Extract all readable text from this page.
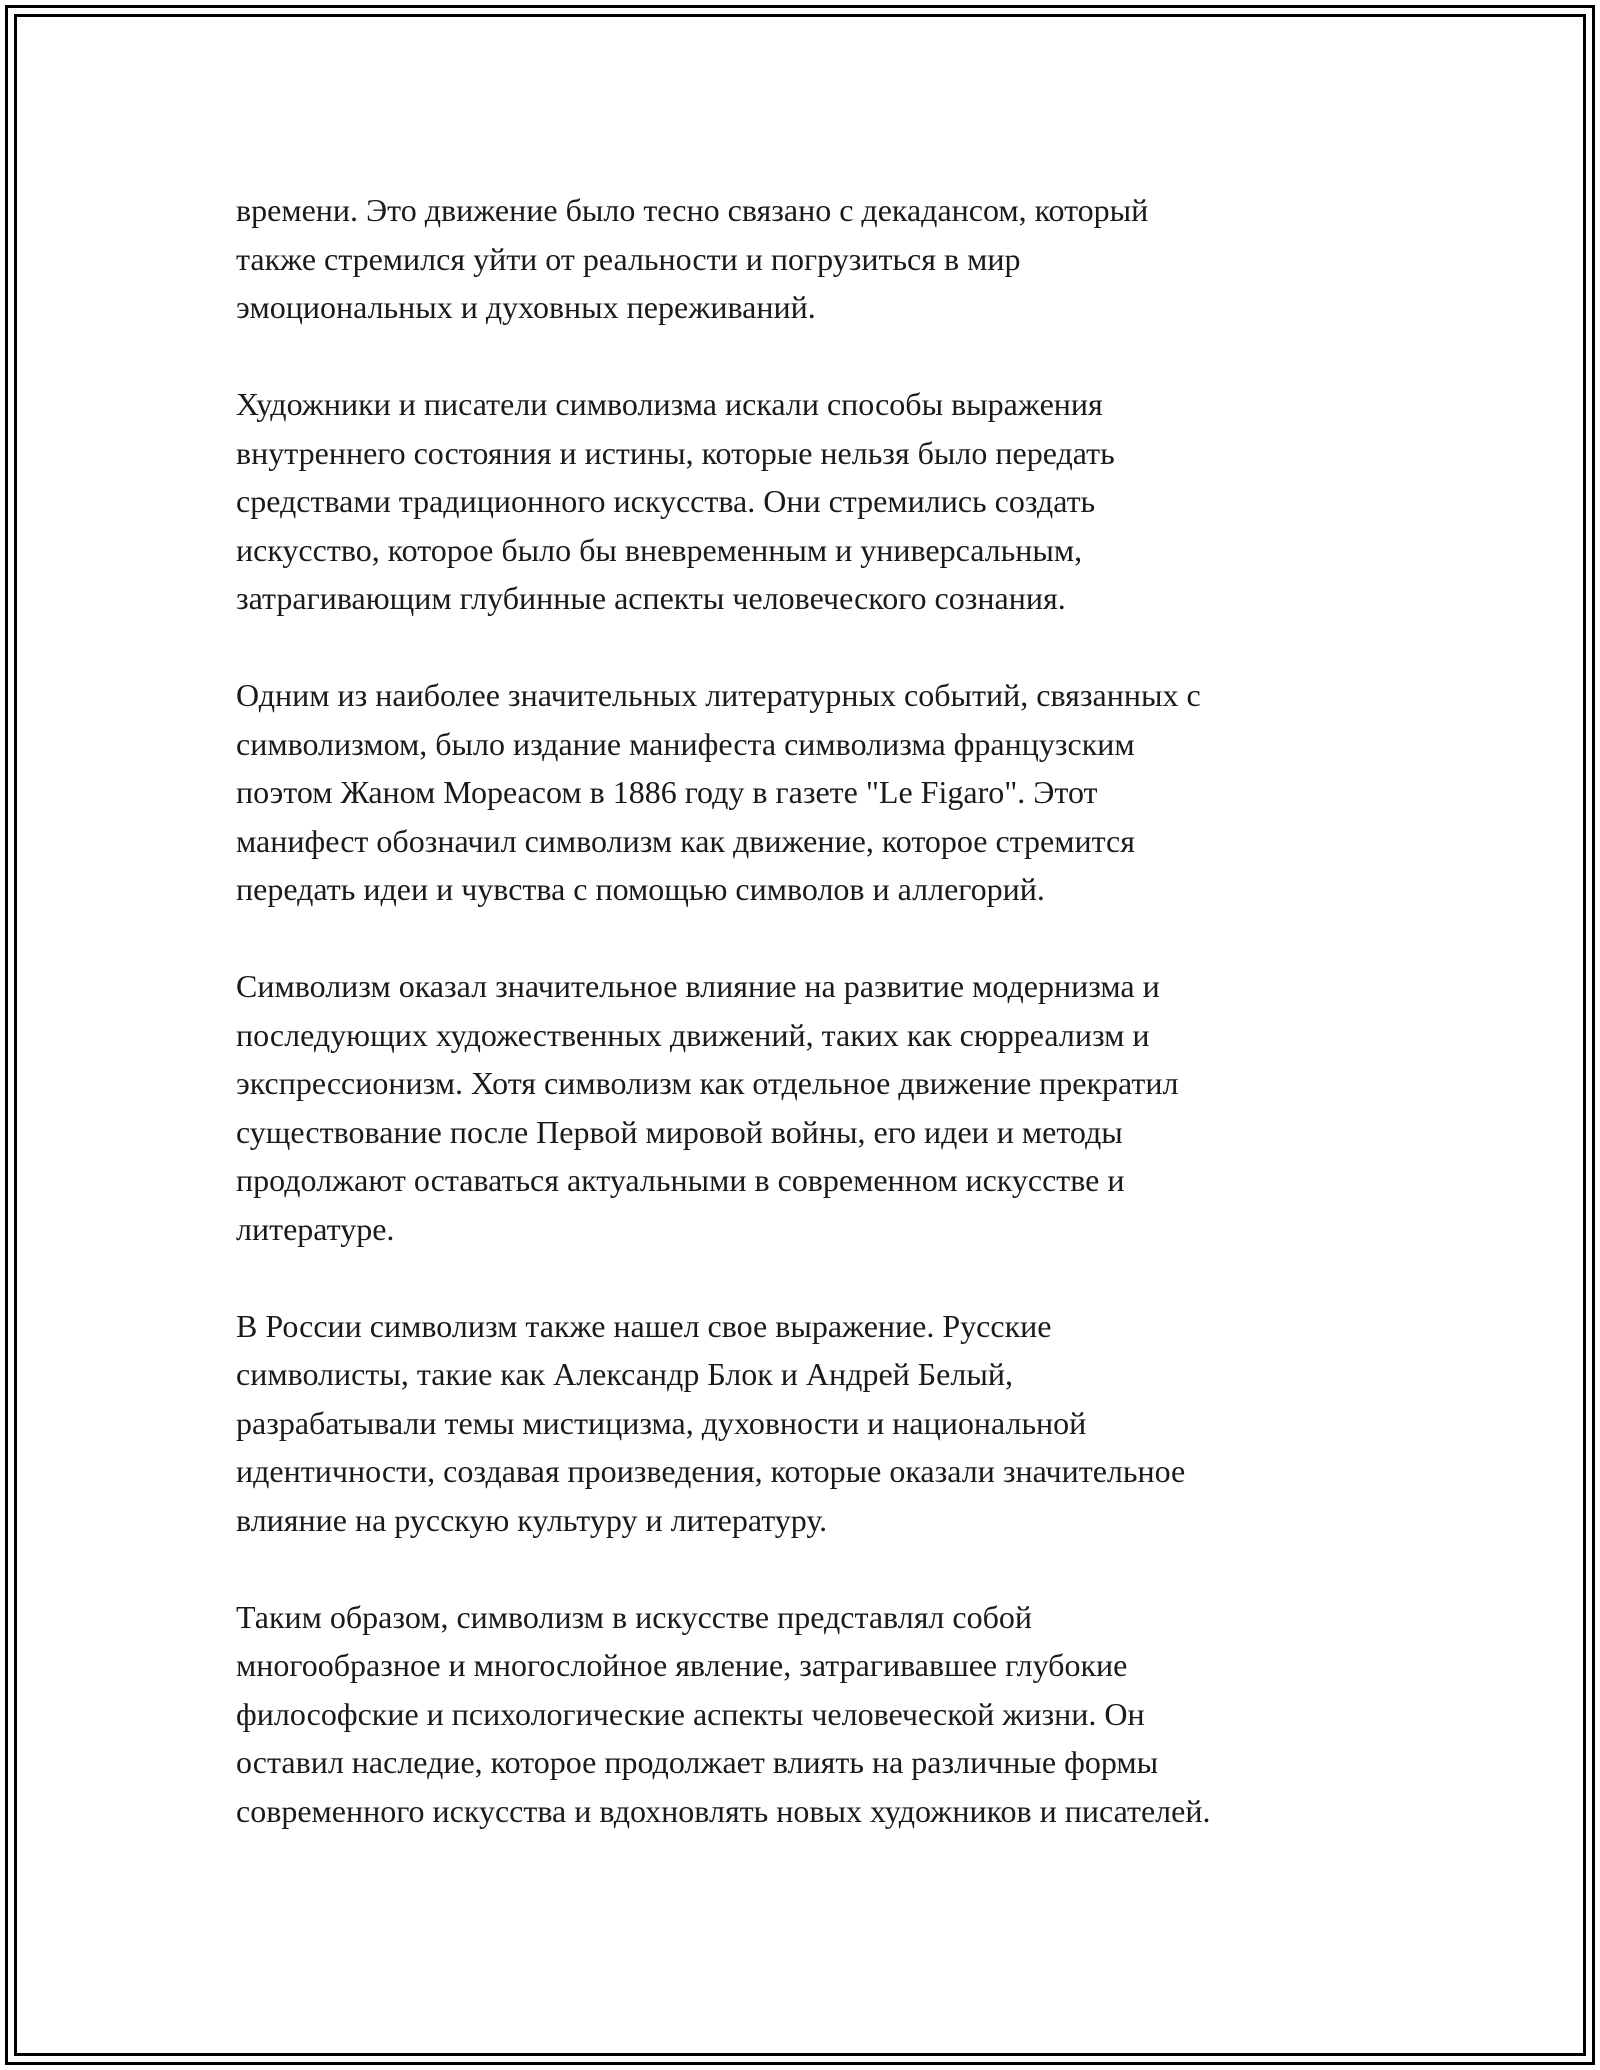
времени. Это движение было тесно связано с декадансом, который
также стремился уйти от реальности и погрузиться в мир
эмоциональных и духовных переживаний.

Художники и писатели символизма искали способы выражения
внутреннего состояния и истины, которые нельзя было передать
средствами традиционного искусства. Они стремились создать
искусство, которое было бы вневременным и универсальным,
затрагивающим глубинные аспекты человеческого сознания.

Одним из наиболее значительных литературных событий, связанных с
символизмом, было издание манифеста символизма французским
поэтом Жаном Мореасом в 1886 году в газете "Le Figaro". Этот
манифест обозначил символизм как движение, которое стремится
передать идеи и чувства с помощью символов и аллегорий.

Символизм оказал значительное влияние на развитие модернизма и
последующих художественных движений, таких как сюрреализм и
экспрессионизм. Хотя символизм как отдельное движение прекратил
существование после Первой мировой войны, его идеи и методы
продолжают оставаться актуальными в современном искусстве и
литературе.

В России символизм также нашел свое выражение. Русские
символисты, такие как Александр Блок и Андрей Белый,
разрабатывали темы мистицизма, духовности и национальной
идентичности, создавая произведения, которые оказали значительное
влияние на русскую культуру и литературу.

Таким образом, символизм в искусстве представлял собой
многообразное и многослойное явление, затрагивавшее глубокие
философские и психологические аспекты человеческой жизни. Он
оставил наследие, которое продолжает влиять на различные формы
современного искусства и вдохновлять новых художников и писателей.
